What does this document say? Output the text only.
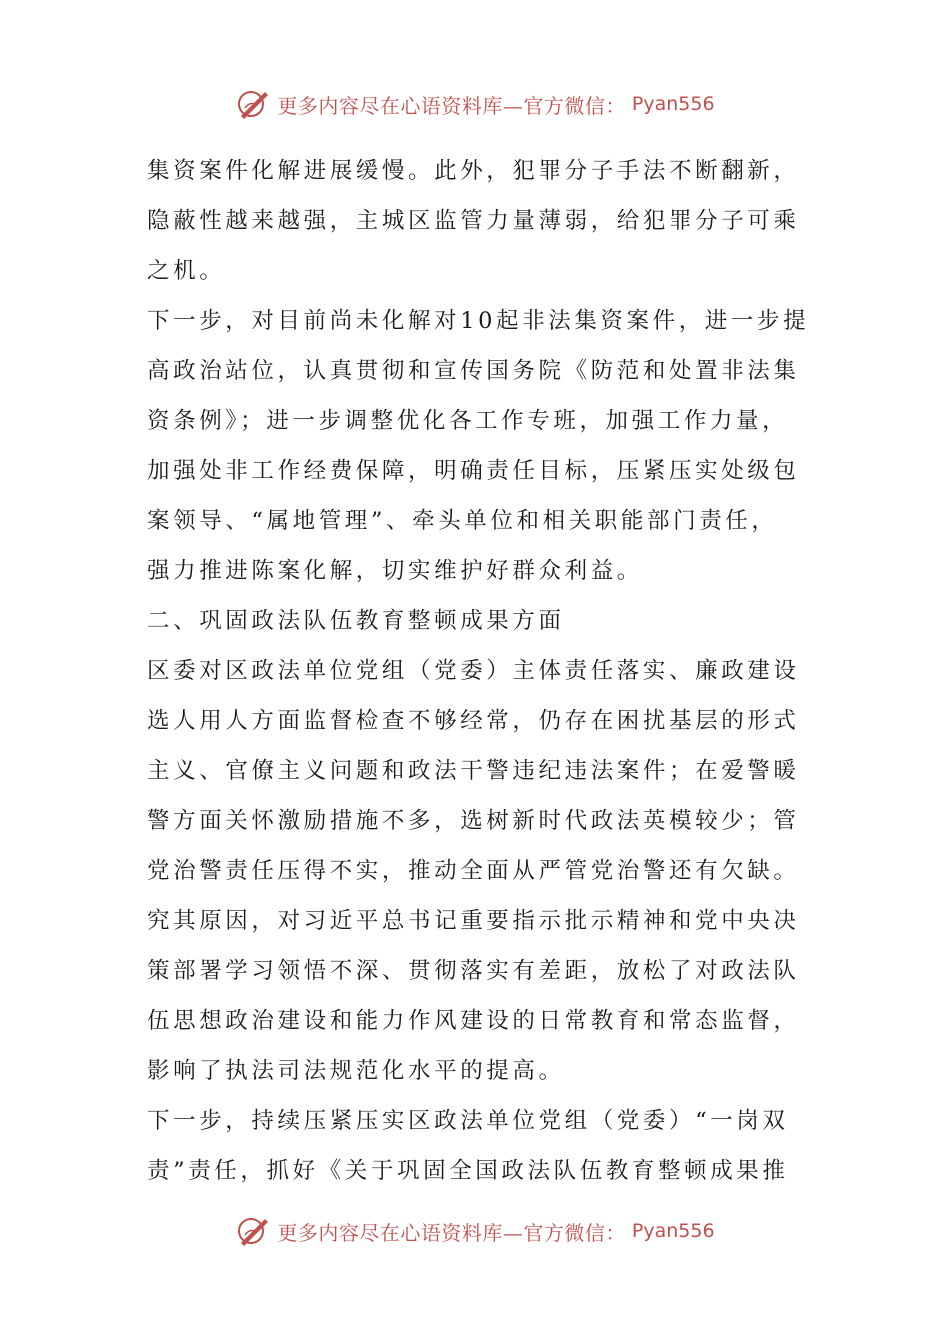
更多内容尽在心语资料库—官方微信： Pyan556
集资案件化解进展缓慢。此外，犯罪分子手法不断翻新，
隐蔽性越来越强，主城区监管力量薄弱，给犯罪分子可乘
之机。
下一步，对目前尚未化解对10起非法集资案件，进一步提
高政治站位，认真贯彻和宣传国务院《防范和处置非法集
资条例》；进一步调整优化各工作专班，加强工作力量，
加强处非工作经费保障，明确责任目标，压紧压实处级包
案领导、“属地管理”、牵头单位和相关职能部门责任，
强力推进陈案化解，切实维护好群众利益。
二、巩固政法队伍教育整顿成果方面
区委对区政法单位党组（党委）主体责任落实、廉政建设
选人用人方面监督检查不够经常，仍存在困扰基层的形式
主义、官僚主义问题和政法干警违纪违法案件；在爱警暖
警方面关怀激励措施不多，选树新时代政法英模较少；管
党治警责任压得不实，推动全面从严管党治警还有欠缺。
究其原因，对习近平总书记重要指示批示精神和党中央决
策部署学习领悟不深、贯彻落实有差距，放松了对政法队
伍思想政治建设和能力作风建设的日常教育和常态监督，
影响了执法司法规范化水平的提高。
下一步，持续压紧压实区政法单位党组（党委）“一岗双
责”责任，抓好《关于巩固全国政法队伍教育整顿成果推
更多内容尽在心语资料库—官方微信： Pyan556
